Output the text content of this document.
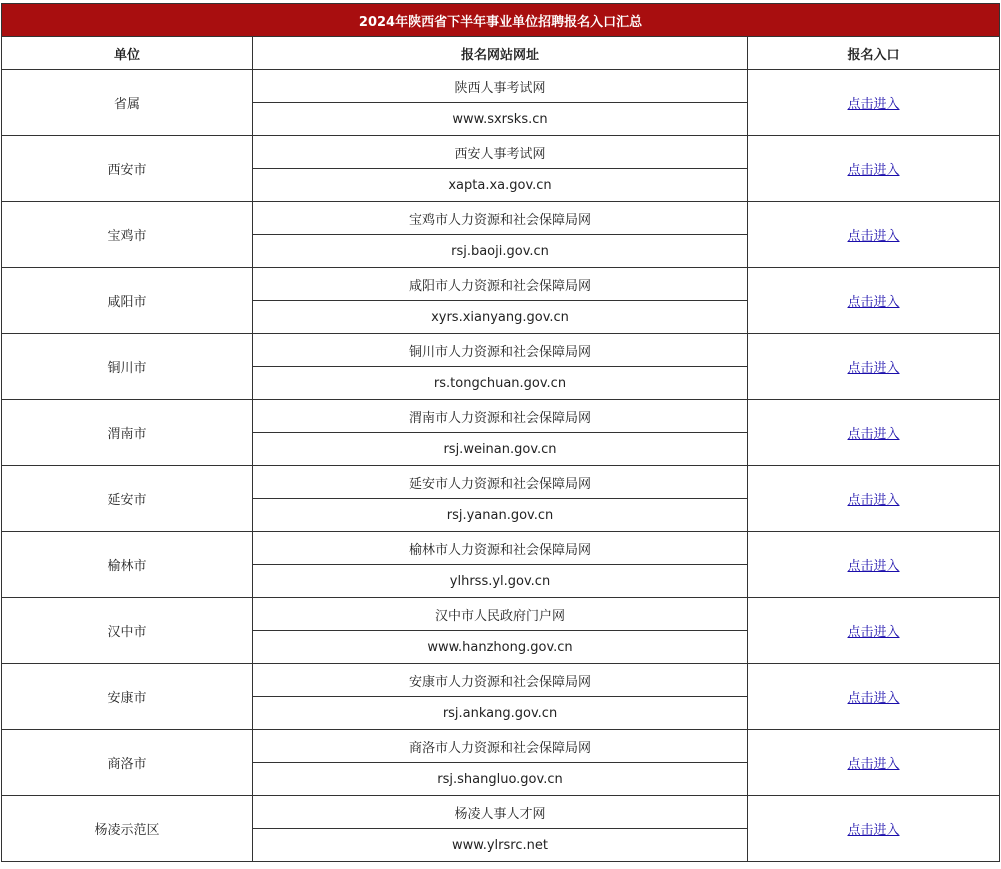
2024年陕西省下半年事业单位招聘报名入口汇总		
单位	报名网站网址	报名入口
省属	陕西人事考试网	点击进入
	www.sxrsks.cn	
西安市	西安人事考试网	点击进入
	xapta.xa.gov.cn	
宝鸡市	宝鸡市人力资源和社会保障局网	点击进入
	rsj.baoji.gov.cn	
咸阳市	咸阳市人力资源和社会保障局网	点击进入
	xyrs.xianyang.gov.cn	
铜川市	铜川市人力资源和社会保障局网	点击进入
	rs.tongchuan.gov.cn	
渭南市	渭南市人力资源和社会保障局网	点击进入
	rsj.weinan.gov.cn	
延安市	延安市人力资源和社会保障局网	点击进入
	rsj.yanan.gov.cn	
榆林市	榆林市人力资源和社会保障局网	点击进入
	ylhrss.yl.gov.cn	
汉中市	汉中市人民政府门户网	点击进入
	www.hanzhong.gov.cn	
安康市	安康市人力资源和社会保障局网	点击进入
	rsj.ankang.gov.cn	
商洛市	商洛市人力资源和社会保障局网	点击进入
	rsj.shangluo.gov.cn	
杨凌示范区	杨凌人事人才网	点击进入
	www.ylrsrc.net	
